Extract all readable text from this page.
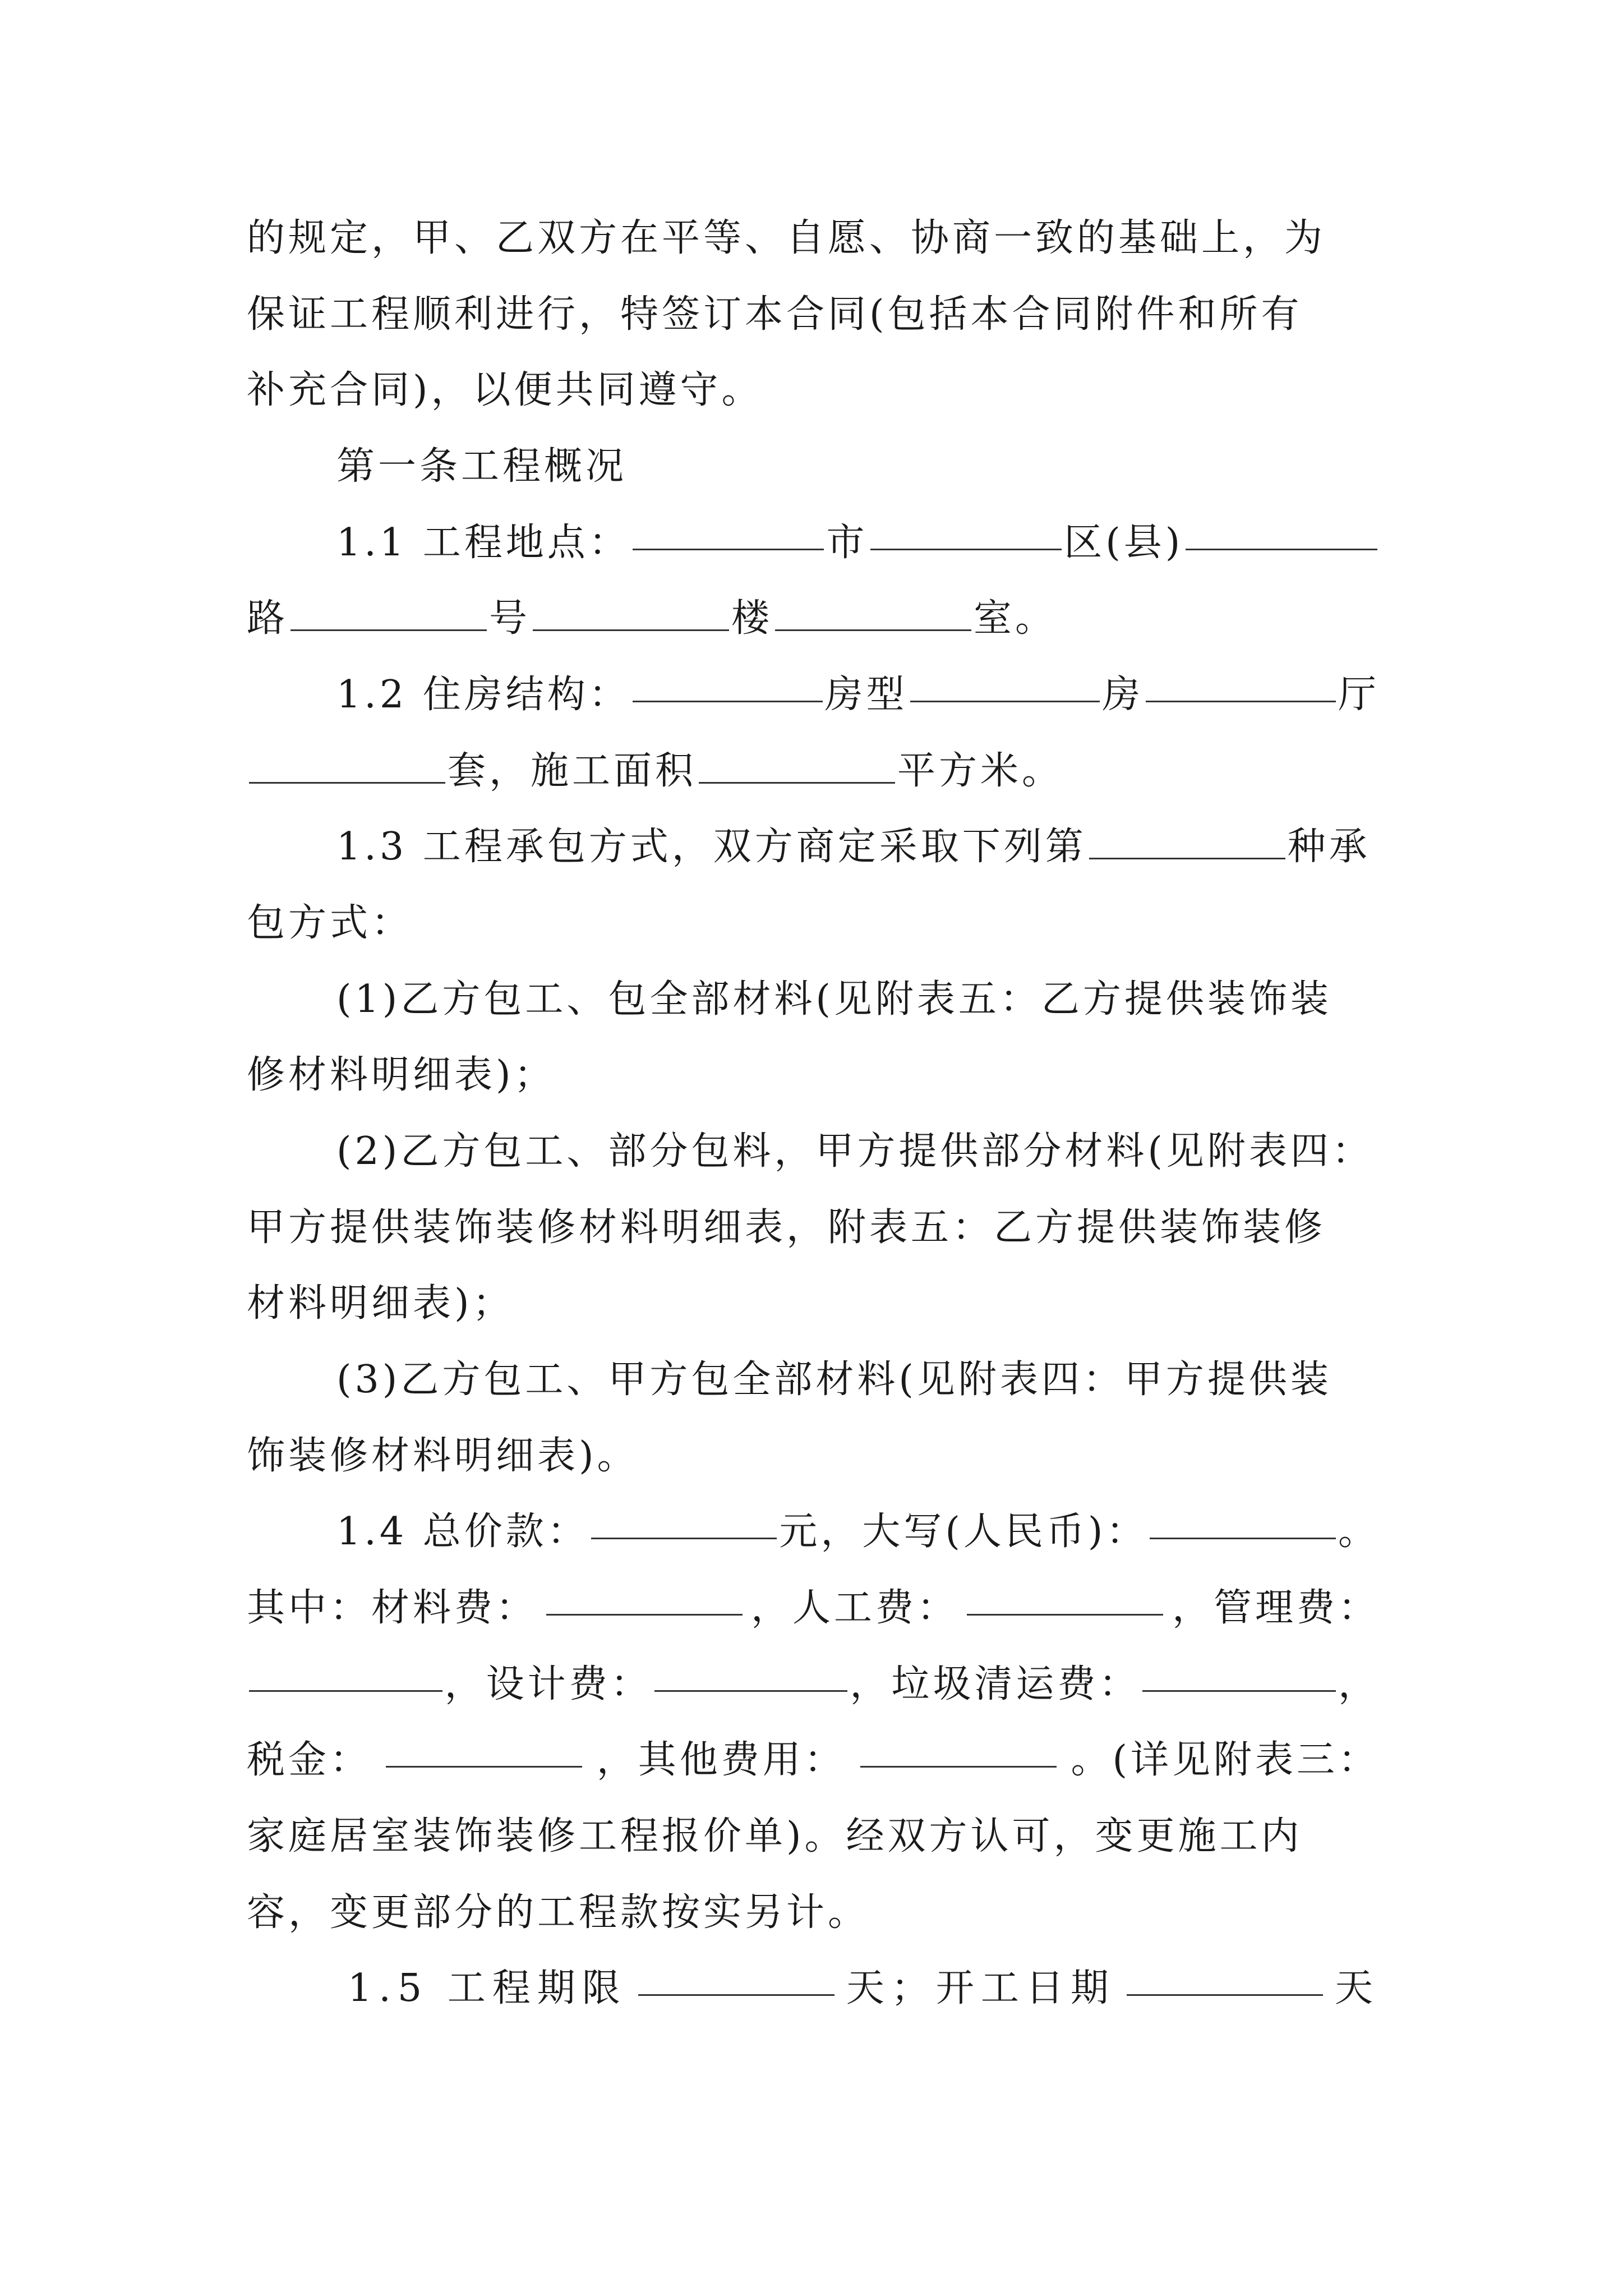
的规定，甲、乙双方在平等、自愿、协商一致的基础上，为
保证工程顺利进行，特签订本合同(包括本合同附件和所有
补充合同)，以便共同遵守。
第一条工程概况
1.1 工程地点：	市	区(县)
路	号	楼	室。
1.2 住房结构：	房型	房	厅
套，施工面积	平方米。
1.3 工程承包方式，双方商定采取下列第	种承
包方式：
(1)乙方包工、包全部材料(见附表五：乙方提供装饰装
修材料明细表)；
(2)乙方包工、部分包料，甲方提供部分材料(见附表四：
甲方提供装饰装修材料明细表，附表五：乙方提供装饰装修
材料明细表)；
(3)乙方包工、甲方包全部材料(见附表四：甲方提供装
饰装修材料明细表)。
1.4 总价款：	元，大写(人民币)：	。
其中：材料费：	，人工费：	，管理费：
，设计费：	，垃圾清运费：	，
税金：	，其他费用：	。(详见附表三：
家庭居室装饰装修工程报价单)。经双方认可，变更施工内
容，变更部分的工程款按实另计。
1.5 工程期限	天；开工日期	天
